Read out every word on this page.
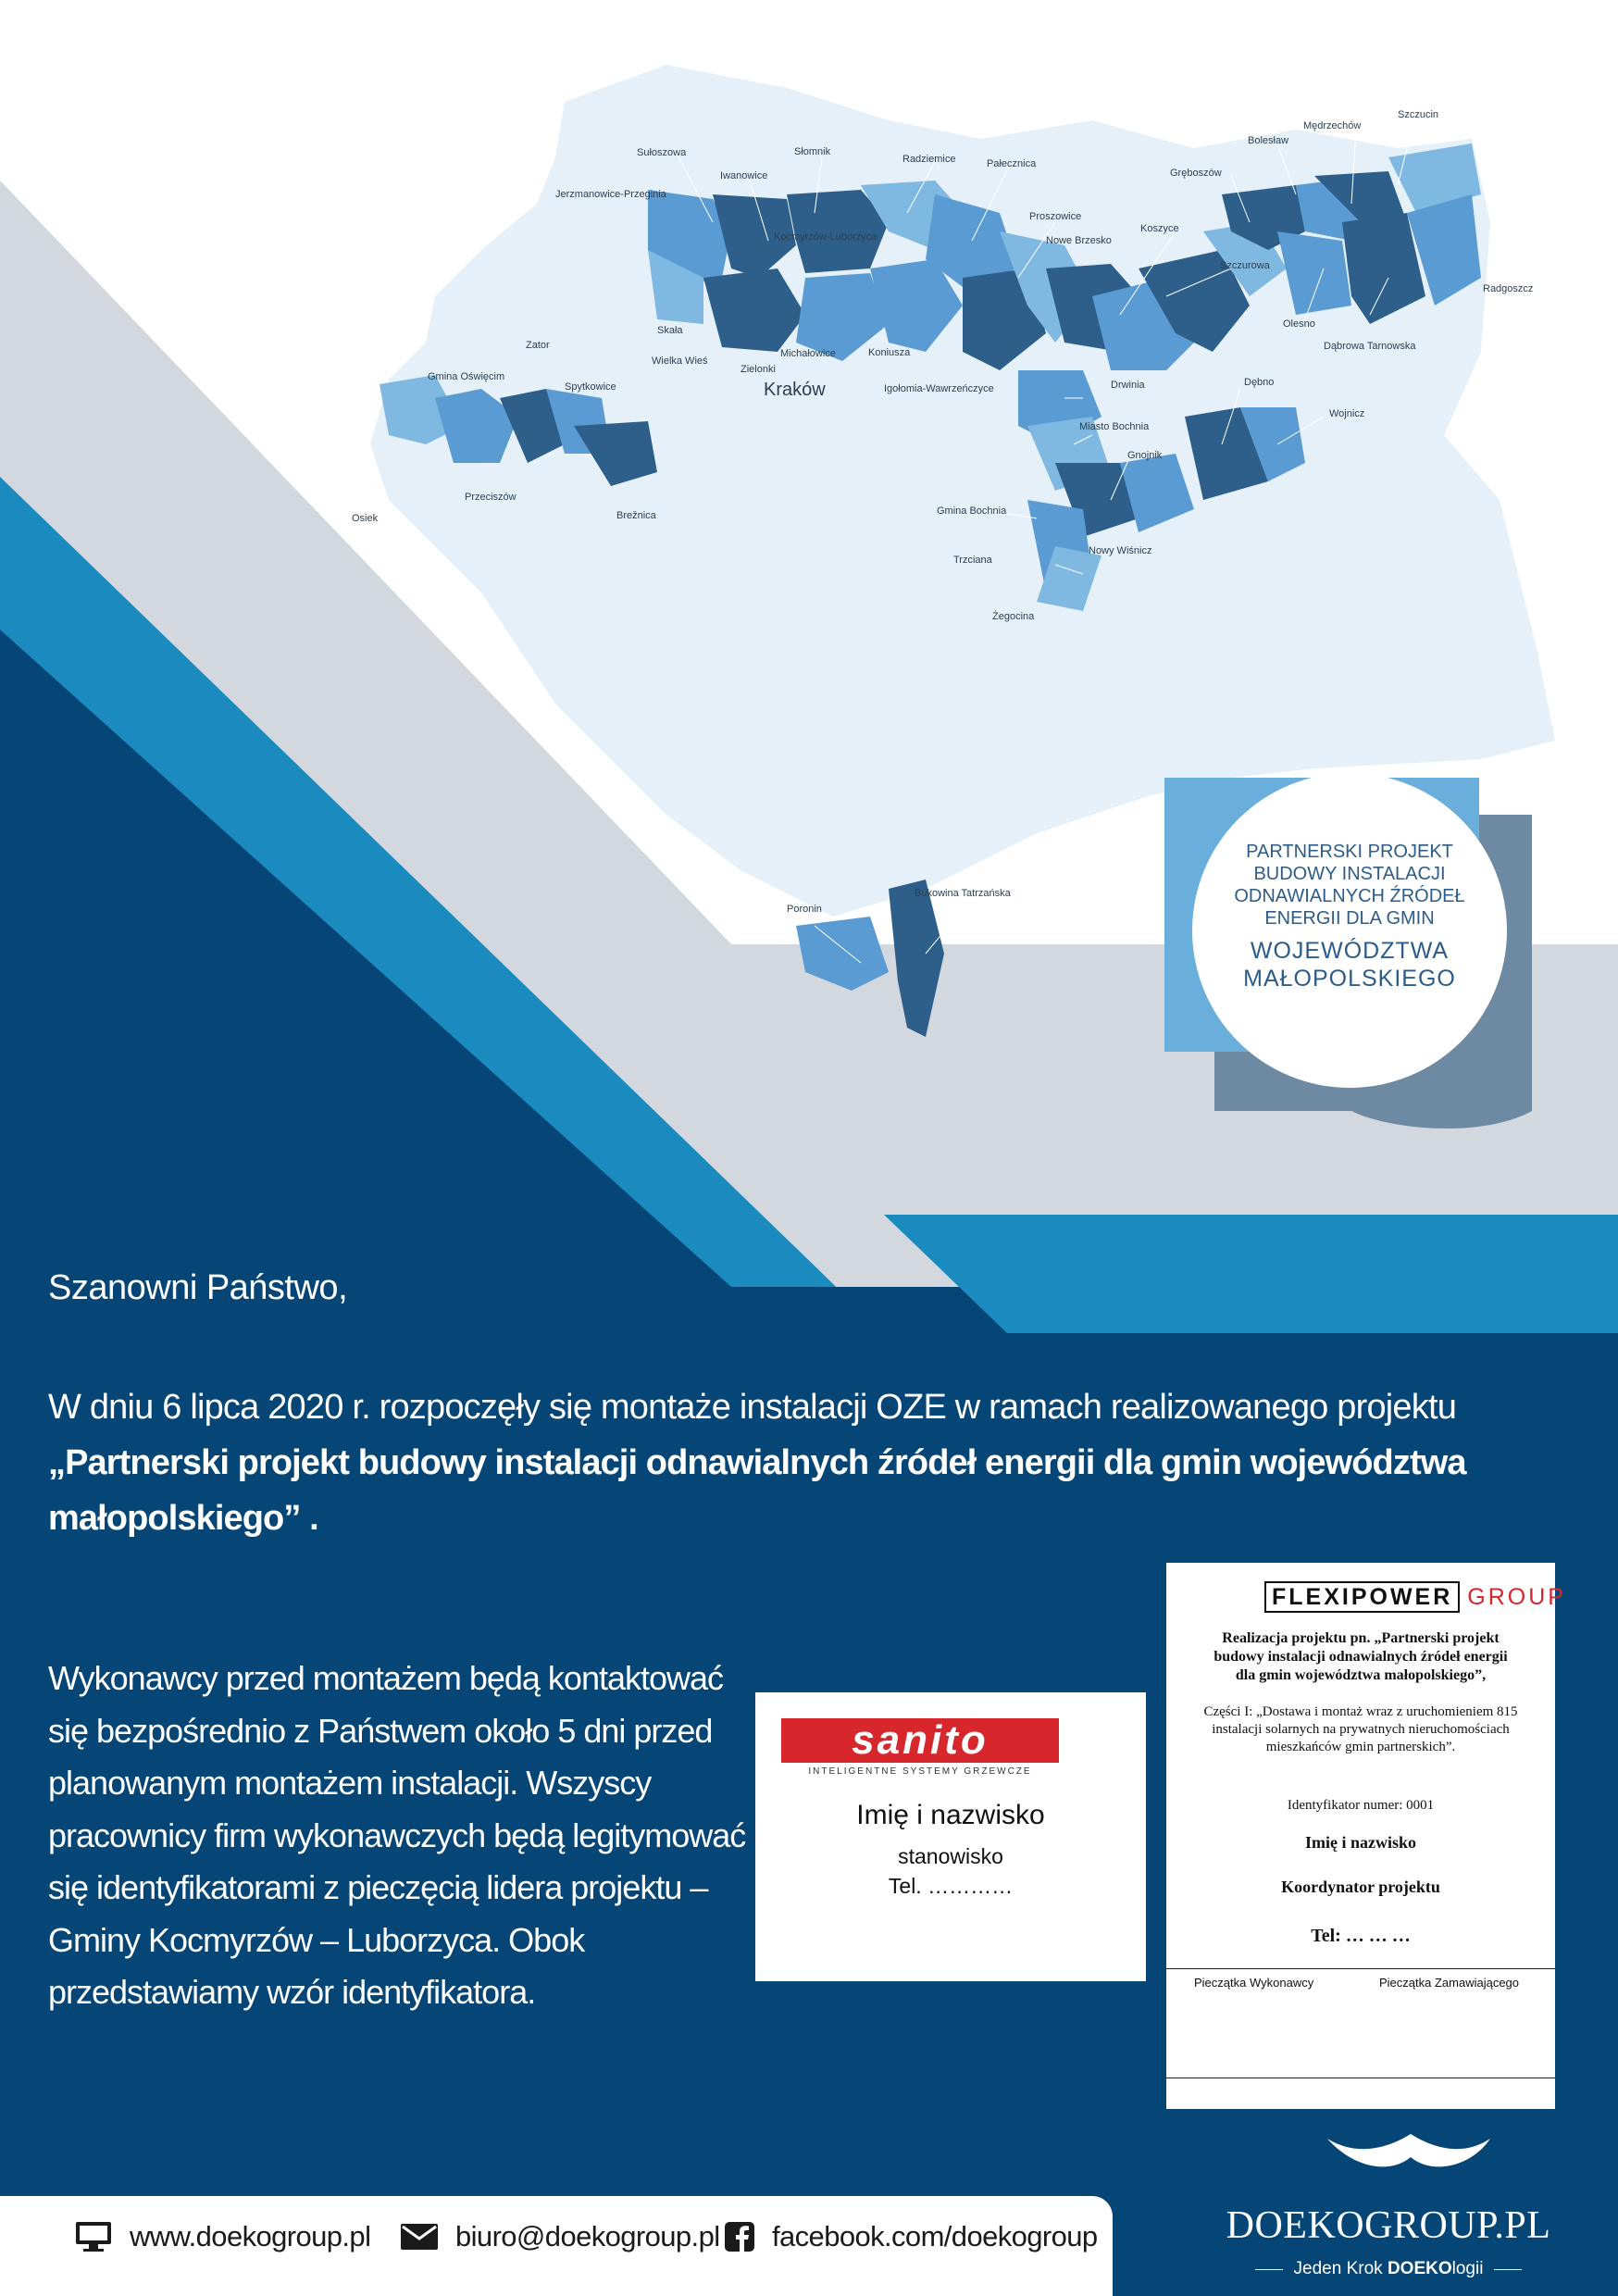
Kraków
Sułoszowa
Iwanowice
Słomnik
Radziemice	Pałecznica
Jerzmanowice-Przeginia
Kocmyrzów-Luborzyca
Proszowice
Nowe Brzesko
Koszyce
Gręboszów
Bolesław
Mędrzechów
Szczucin
Szczurowa
Radgoszcz
Olesno
Dąbrowa Tarnowska
Skała
Wielka Wieś
Zielonki
Michałowice	Koniusza
Igołomia-Wawrzeńczyce	Drwinia
Zator
Gmina Oświęcim
Spytkowice
Osiek
Przeciszów
Brežnica
Dębno
Wojnicz
Miasto Bochnia
Gnojnik
Gmina Bochnia
Nowy Wiśnicz
Trzciana
Żegocina
Poronin
Bukowina Tatrzańska
PARTNERSKI PROJEKT BUDOWY INSTALACJI ODNAWIALNYCH ŹRÓDEŁ ENERGII DLA GMIN
WOJEWÓDZTWA MAŁOPOLSKIEGO
Szanowni Państwo,
W dniu 6 lipca 2020 r. rozpoczęły się montaże instalacji OZE w ramach realizowanego projektu
„Partnerski projekt budowy instalacji odnawialnych źródeł energii dla gmin województwa małopolskiego” .
Wykonawcy przed montażem będą kontaktować się bezpośrednio z Państwem około 5 dni przed planowanym montażem instalacji. Wszyscy pracownicy firm wykonawczych będą legitymować się identyfikatorami z pieczęcią lidera projektu – Gminy Kocmyrzów – Luborzyca. Obok przedstawiamy wzór identyfikatora.
sanito
INTELIGENTNE SYSTEMY GRZEWCZE
Imię i nazwisko
stanowisko
Tel. …………
FLEXIPOWER GROUP
Realizacja projektu pn. „Partnerski projekt budowy instalacji odnawialnych źródeł energii dla gmin województwa małopolskiego”,
Części I: „Dostawa i montaż wraz z uruchomieniem 815 instalacji solarnych na prywatnych nieruchomościach mieszkańców gmin partnerskich”.
Identyfikator numer: 0001
Imię i nazwisko
Koordynator projektu
Tel: … … …
Pieczątka Wykonawcy	Pieczątka Zamawiającego
www.doekogroup.pl	biuro@doekogroup.pl facebook.com/doekogroup	DOEKOGROUP.PL
Jeden Krok DOEKO logii
